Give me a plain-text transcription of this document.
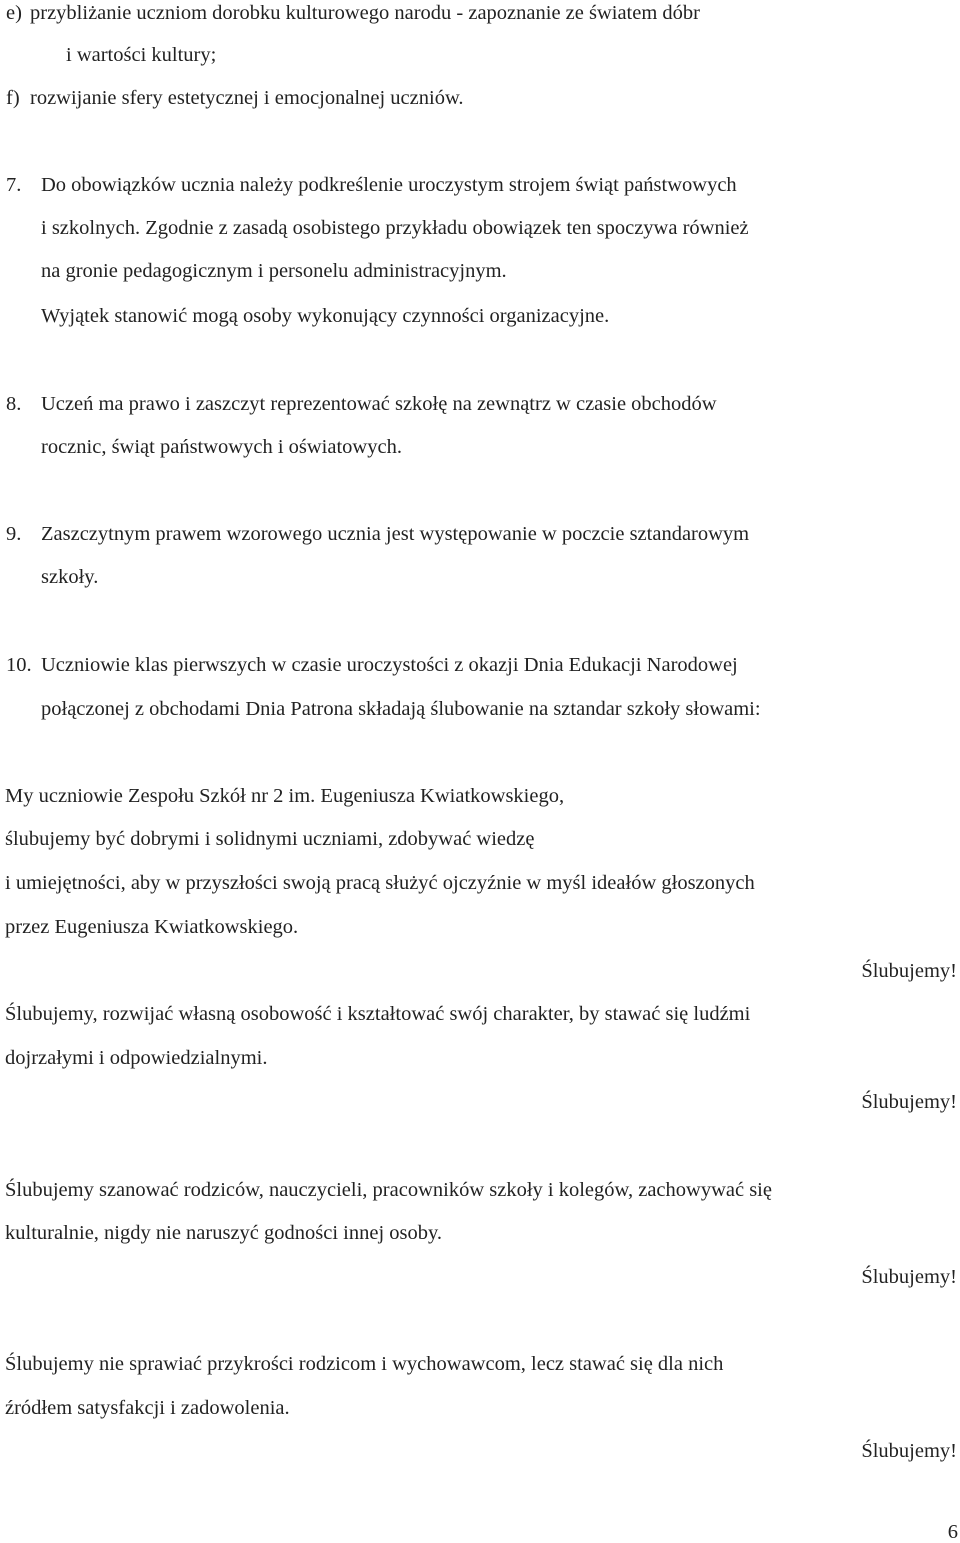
e) przybliżanie uczniom dorobku kulturowego narodu - zapoznanie ze światem dóbr
i wartości kultury;
f) rozwijanie sfery estetycznej i emocjonalnej uczniów.
7. Do obowiązków ucznia należy podkreślenie uroczystym strojem świąt państwowych
i szkolnych. Zgodnie z zasadą osobistego przykładu obowiązek ten spoczywa również
na gronie pedagogicznym i personelu administracyjnym.
Wyjątek stanowić mogą osoby wykonujący czynności organizacyjne.
8. Uczeń ma prawo i zaszczyt reprezentować szkołę na zewnątrz w czasie obchodów
rocznic, świąt państwowych i oświatowych.
9. Zaszczytnym prawem wzorowego ucznia jest występowanie w poczcie sztandarowym
szkoły.
10. Uczniowie klas pierwszych w czasie uroczystości z okazji Dnia Edukacji Narodowej
połączonej z obchodami Dnia Patrona składają ślubowanie na sztandar szkoły słowami:
My uczniowie Zespołu Szkół nr 2 im. Eugeniusza Kwiatkowskiego,
ślubujemy być dobrymi i solidnymi uczniami, zdobywać wiedzę
i umiejętności, aby w przyszłości swoją pracą służyć ojczyźnie w myśl ideałów głoszonych
przez Eugeniusza Kwiatkowskiego.
Ślubujemy!
Ślubujemy, rozwijać własną osobowość i kształtować swój charakter, by stawać się ludźmi
dojrzałymi i odpowiedzialnymi.
Ślubujemy!
Ślubujemy szanować rodziców, nauczycieli, pracowników szkoły i kolegów, zachowywać się
kulturalnie, nigdy nie naruszyć godności innej osoby.
Ślubujemy!
Ślubujemy nie sprawiać przykrości rodzicom i wychowawcom, lecz stawać się dla nich
źródłem satysfakcji i zadowolenia.
Ślubujemy!
6
